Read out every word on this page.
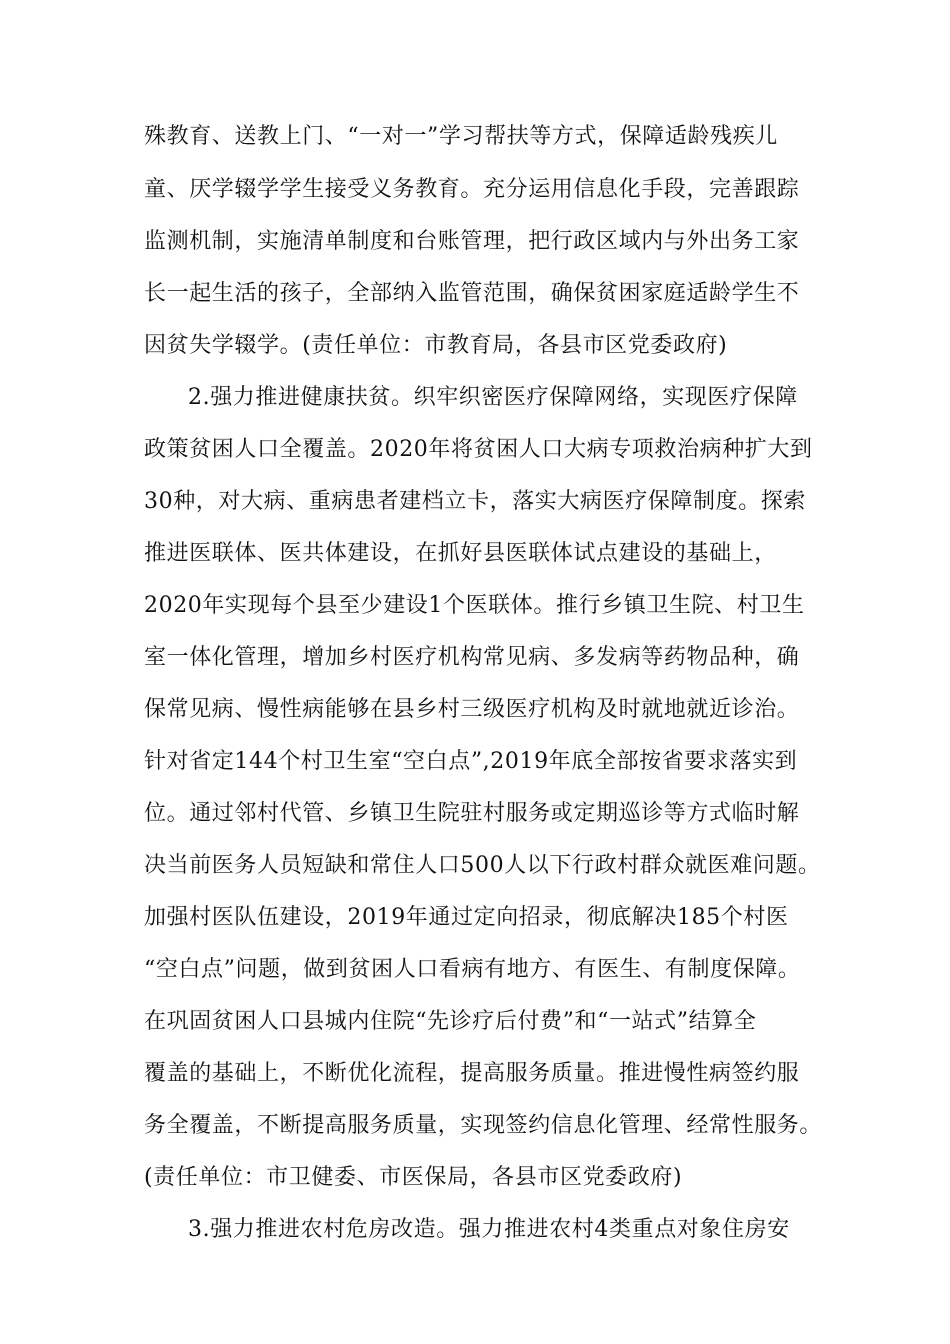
殊教育、送教上门、“一对一”学习帮扶等方式，保障适龄残疾儿
童、厌学辍学学生接受义务教育。充分运用信息化手段，完善跟踪
监测机制，实施清单制度和台账管理，把行政区域内与外出务工家
长一起生活的孩子，全部纳入监管范围，确保贫困家庭适龄学生不
因贫失学辍学。(责任单位：市教育局，各县市区党委政府)
2.强力推进健康扶贫。织牢织密医疗保障网络，实现医疗保障
政策贫困人口全覆盖。2020年将贫困人口大病专项救治病种扩大到
30种，对大病、重病患者建档立卡，落实大病医疗保障制度。探索
推进医联体、医共体建设，在抓好县医联体试点建设的基础上，
2020年实现每个县至少建设1个医联体。推行乡镇卫生院、村卫生
室一体化管理，增加乡村医疗机构常见病、多发病等药物品种，确
保常见病、慢性病能够在县乡村三级医疗机构及时就地就近诊治。
针对省定144个村卫生室“空白点”,2019年底全部按省要求落实到
位。通过邻村代管、乡镇卫生院驻村服务或定期巡诊等方式临时解
决当前医务人员短缺和常住人口500人以下行政村群众就医难问题。
加强村医队伍建设，2019年通过定向招录，彻底解决185个村医
“空白点”问题，做到贫困人口看病有地方、有医生、有制度保障。
在巩固贫困人口县城内住院“先诊疗后付费”和“一站式”结算全
覆盖的基础上，不断优化流程，提高服务质量。推进慢性病签约服
务全覆盖，不断提高服务质量，实现签约信息化管理、经常性服务。
(责任单位：市卫健委、市医保局，各县市区党委政府)
3.强力推进农村危房改造。强力推进农村4类重点对象住房安
